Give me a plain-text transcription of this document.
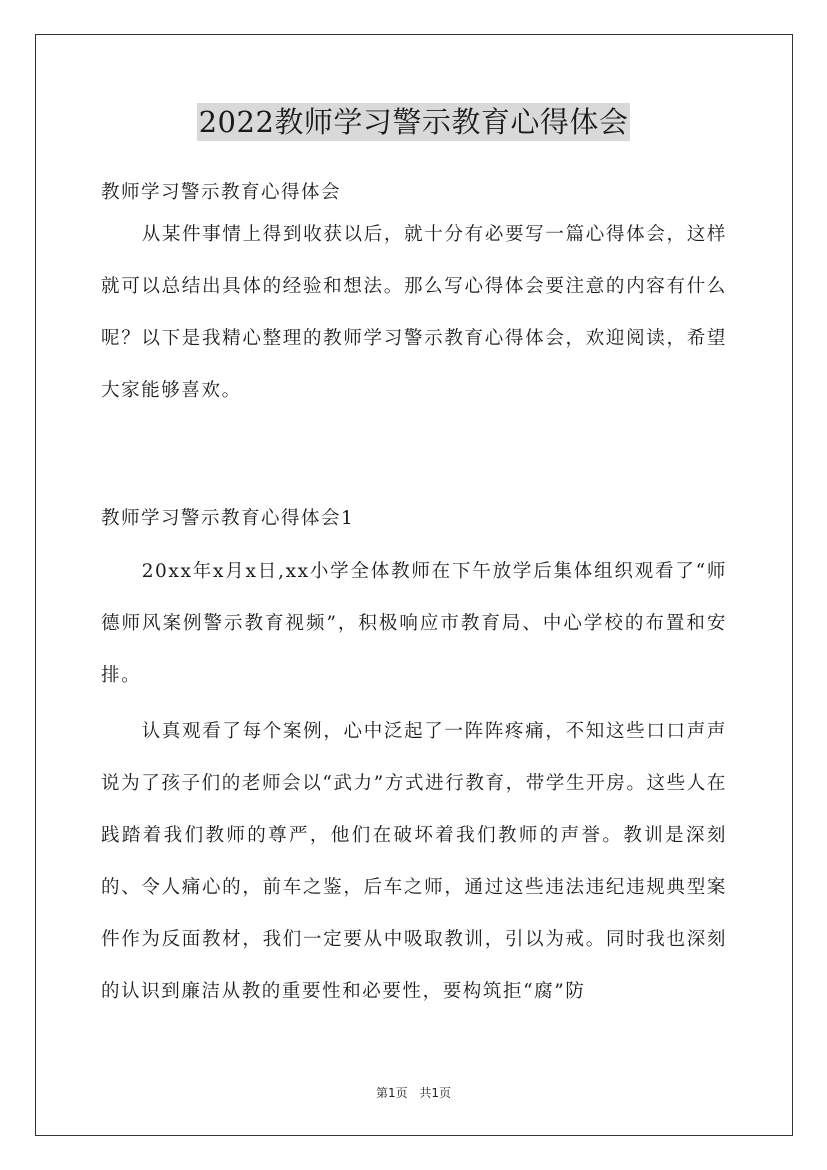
2022教师学习警示教育心得体会

教师学习警示教育心得体会

从某件事情上得到收获以后，就十分有必要写一篇心得体会，这样就可以总结出具体的经验和想法。那么写心得体会要注意的内容有什么呢？以下是我精心整理的教师学习警示教育心得体会，欢迎阅读，希望大家能够喜欢。

教师学习警示教育心得体会1

20xx年x月x日,xx小学全体教师在下午放学后集体组织观看了“师德师风案例警示教育视频”，积极响应市教育局、中心学校的布置和安排。

认真观看了每个案例，心中泛起了一阵阵疼痛，不知这些口口声声说为了孩子们的老师会以“武力”方式进行教育，带学生开房。这些人在践踏着我们教师的尊严，他们在破坏着我们教师的声誉。教训是深刻的、令人痛心的，前车之鉴，后车之师，通过这些违法违纪违规典型案件作为反面教材，我们一定要从中吸取教训，引以为戒。同时我也深刻的认识到廉洁从教的重要性和必要性，要构筑拒“腐”防

第1页 共1页
